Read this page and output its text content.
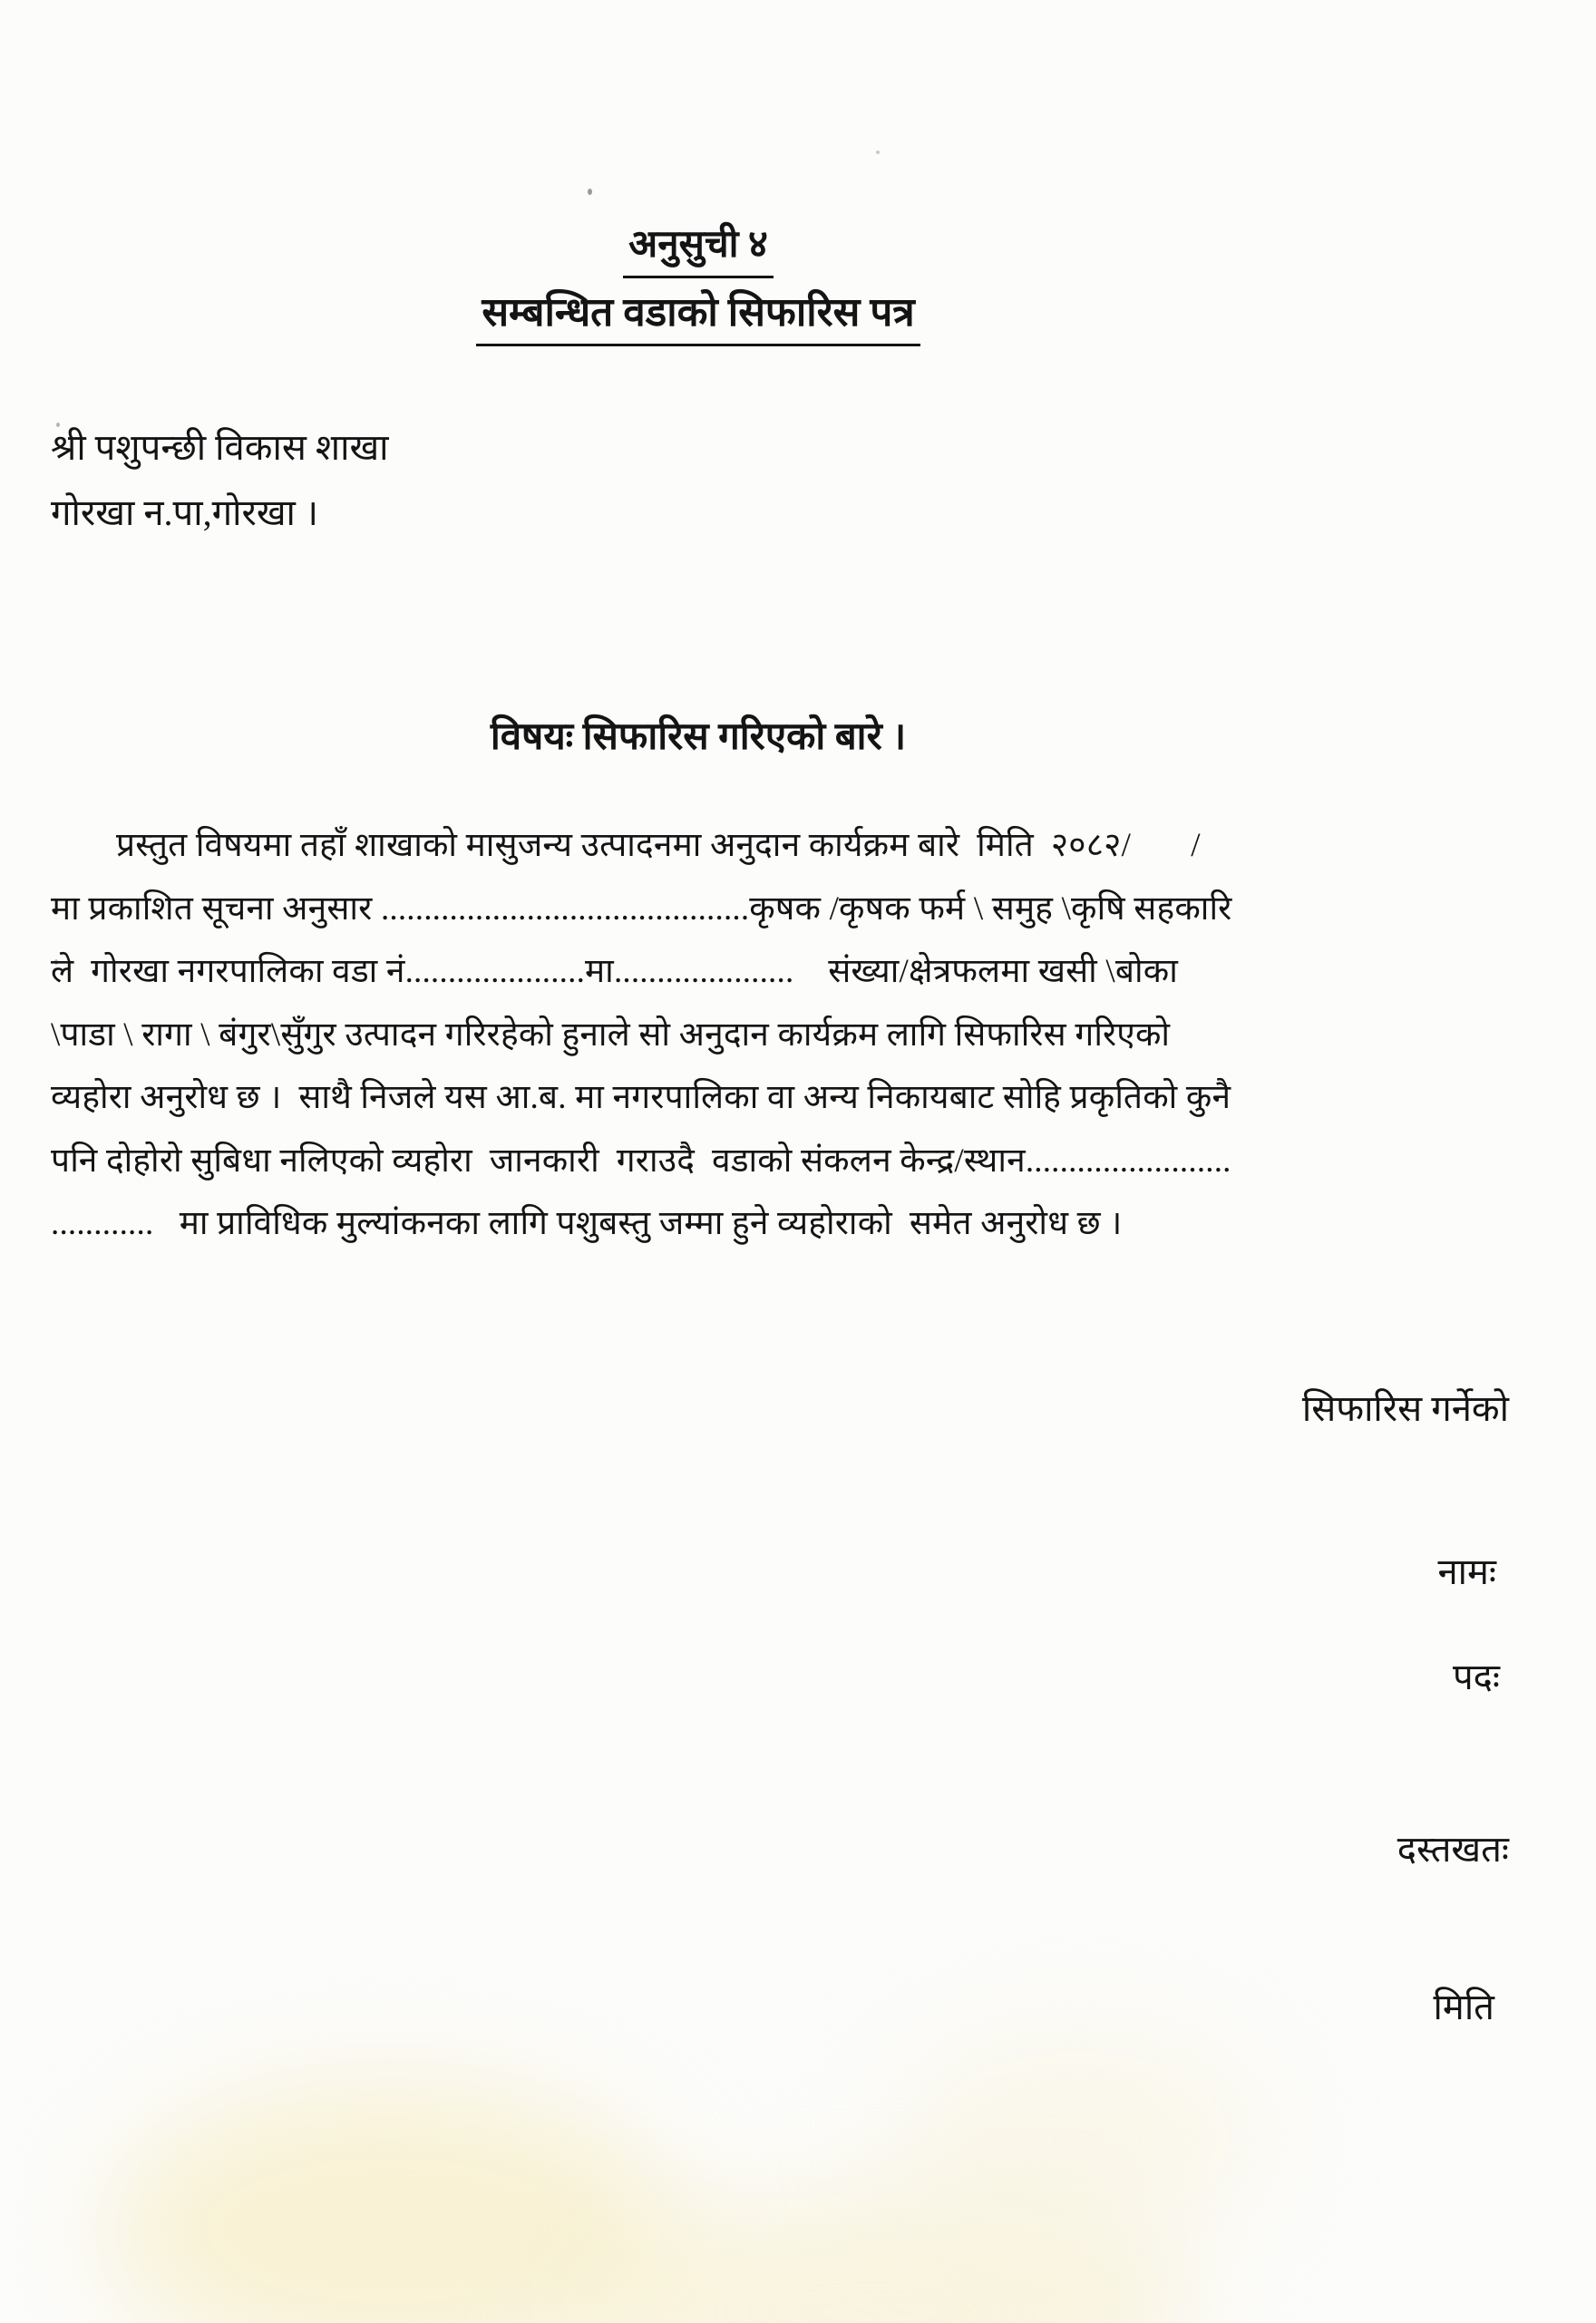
अनुसुची ४
सम्बन्धित वडाको सिफारिस पत्र
श्री पशुपन्छी विकास शाखा
गोरखा न.पा,गोरखा ।
विषयः सिफारिस गरिएको बारे ।
प्रस्तुत विषयमा तहाँ शाखाको मासुजन्य उत्पादनमा अनुदान कार्यक्रम बारे  मिति  २०८२/       /
मा प्रकाशित सूचना अनुसार ...........................................कृषक /कृषक फर्म \ समुह \कृषि सहकारि
ले  गोरखा नगरपालिका वडा नं.....................मा.....................    संख्या/क्षेत्रफलमा खसी \बोका
\पाडा \ रागा \ बंगुर\सुँगुर उत्पादन गरिरहेको हुनाले सो अनुदान कार्यक्रम लागि सिफारिस गरिएको
व्यहोरा अनुरोध छ ।  साथै निजले यस आ.ब. मा नगरपालिका वा अन्य निकायबाट सोहि प्रकृतिको कुनै
पनि दोहोरो सुबिधा नलिएको व्यहोरा  जानकारी  गराउदै  वडाको संकलन केन्द्र/स्थान........................
............   मा प्राविधिक मुल्यांकनका लागि पशुबस्तु जम्मा हुने व्यहोराको  समेत अनुरोध छ ।
सिफारिस गर्नेको
नामः
पदः
दस्तखतः
मिति
